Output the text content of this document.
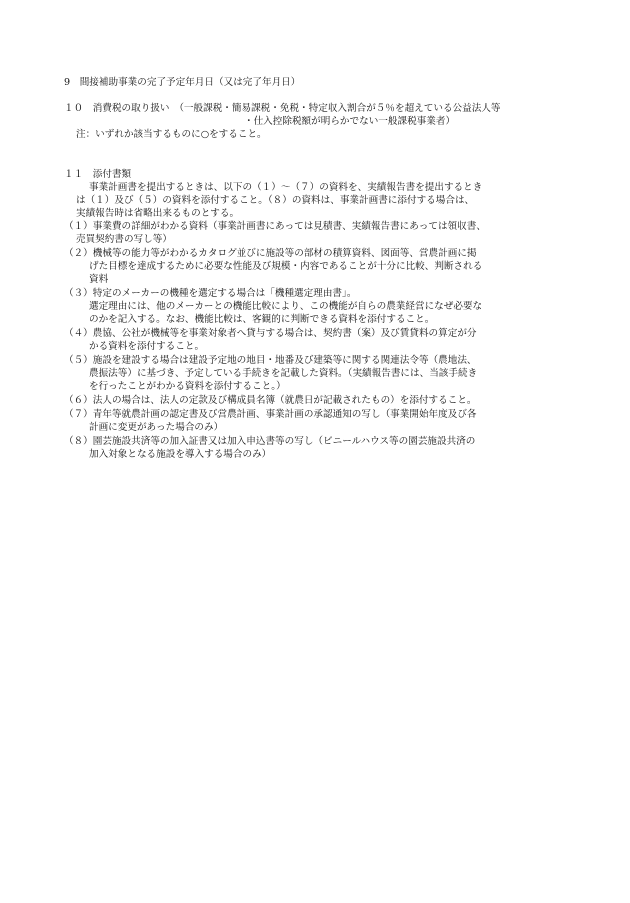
9　間接補助事業の完了予定年月日（又は完了年月日）
１０　消費税の取り扱い　（一般課税・簡易課税・免税・特定収入割合が５％を超えている公益法人等
・仕入控除税額が明らかでない一般課税事業者）
注：いずれか該当するものに○をすること。
１１　添付書類
事業計画書を提出するときは、以下の（１）～（７）の資料を、実績報告書を提出するとき
は（１）及び（５）の資料を添付すること。（８）の資料は、事業計画書に添付する場合は、
実績報告時は省略出来るものとする。
（１）事業費の詳細がわかる資料（事業計画書にあっては見積書、実績報告書にあっては領収書、
売買契約書の写し等）
（２）機械等の能力等がわかるカタログ並びに施設等の部材の積算資料、図面等、営農計画に掲
げた目標を達成するために必要な性能及び規模・内容であることが十分に比較、判断される
資料
（３）特定のメーカーの機種を選定する場合は「機種選定理由書」。
選定理由には、他のメーカーとの機能比較により、この機能が自らの農業経営になぜ必要な
のかを記入する。なお、機能比較は、客観的に判断できる資料を添付すること。
（４）農協、公社が機械等を事業対象者へ貸与する場合は、契約書（案）及び賃貸料の算定が分
かる資料を添付すること。
（５）施設を建設する場合は建設予定地の地目・地番及び建築等に関する関連法令等（農地法、
農振法等）に基づき、予定している手続きを記載した資料。（実績報告書には、当該手続き
を行ったことがわかる資料を添付すること。）
（６）法人の場合は、法人の定款及び構成員名簿（就農日が記載されたもの）を添付すること。
（７）青年等就農計画の認定書及び営農計画、事業計画の承認通知の写し（事業開始年度及び各
計画に変更があった場合のみ）
（８）園芸施設共済等の加入証書又は加入申込書等の写し（ビニールハウス等の園芸施設共済の
加入対象となる施設を導入する場合のみ）
